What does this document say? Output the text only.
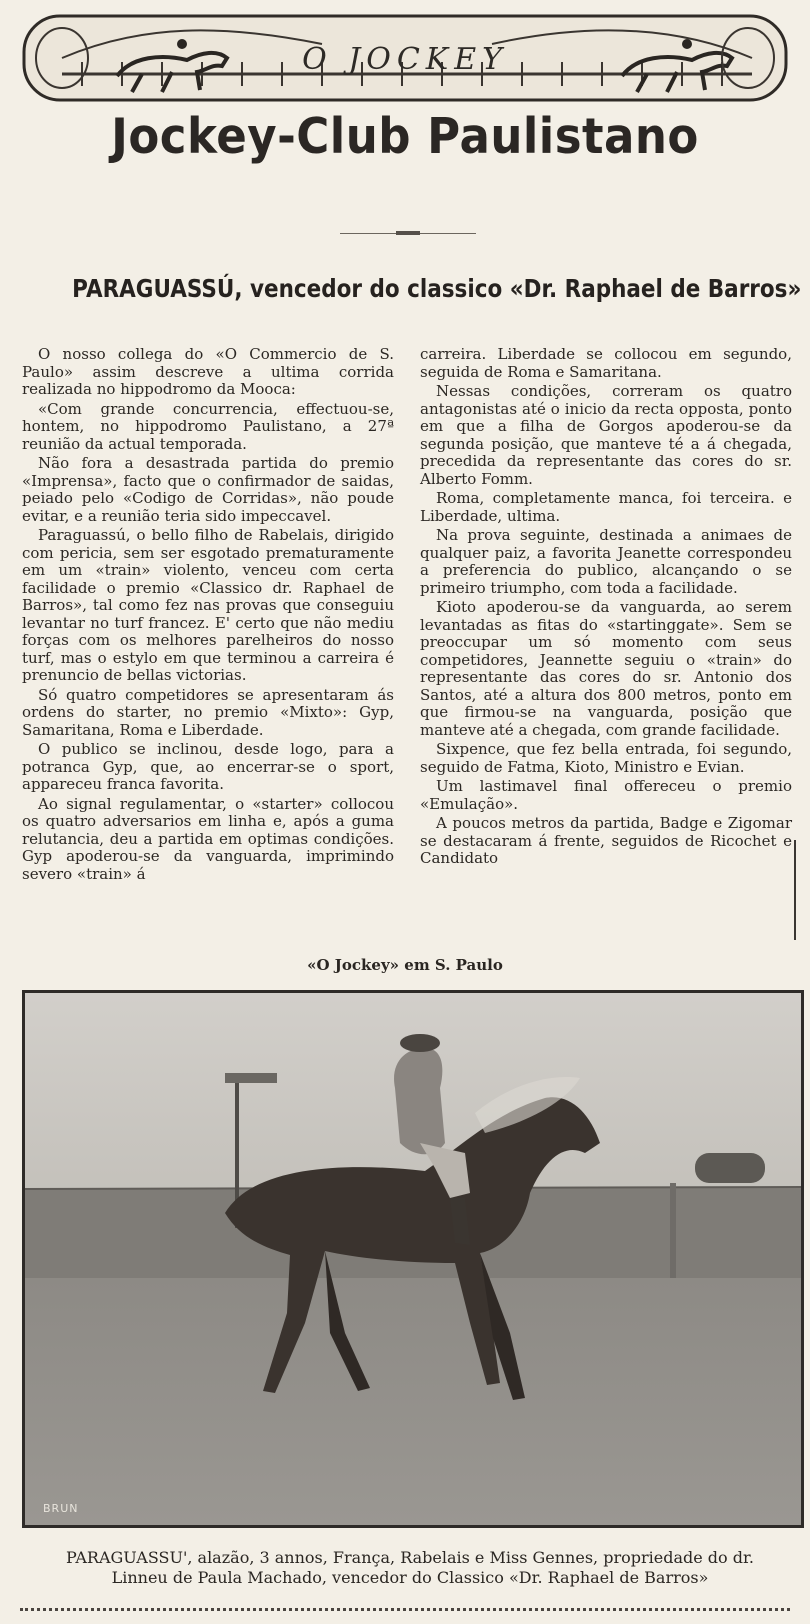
O JOCKEY
Jockey-Club Paulistano
PARAGUASSÚ, vencedor do classico «Dr. Raphael de Barros»

O nosso collega do «O Commercio de S. Paulo» assim descreve a ultima corrida realizada no hippodromo da Mooca:

«Com grande concurrencia, effectuou-se, hontem, no hippodromo Paulistano, a 27ª reunião da actual temporada.

Não fora a desastrada partida do premio «Imprensa», facto que o confirmador de saidas, peiado pelo «Codigo de Corridas», não poude evitar, e a reunião teria sido impeccavel.

Paraguassú, o bello filho de Rabelais, dirigido com pericia, sem ser esgotado prematuramente em um «train» violento, venceu com certa facilidade o premio «Classico dr. Raphael de Barros», tal como fez nas provas que conseguiu levantar no turf francez. E' certo que não mediu forças com os melhores parelheiros do nosso turf, mas o estylo em que terminou a carreira é prenuncio de bellas victorias.

Só quatro competidores se apresentaram ás ordens do starter, no premio «Mixto»: Gyp, Samaritana, Roma e Liberdade.

O publico se inclinou, desde logo, para a potranca Gyp, que, ao encerrar-se o sport, appareceu franca favorita.

Ao signal regulamentar, o «starter» collocou os quatro adversarios em linha e, após a guma relutancia, deu a partida em optimas condições. Gyp apoderou-se da vanguarda, imprimindo severo «train» á

carreira. Liberdade se collocou em segundo, seguida de Roma e Samaritana.

Nessas condições, correram os quatro antagonistas até o inicio da recta opposta, ponto em que a filha de Gorgos apoderou-se da segunda posição, que manteve té a á chegada, precedida da representante das cores do sr. Alberto Fomm.

Roma, completamente manca, foi terceira. e Liberdade, ultima.

Na prova seguinte, destinada a animaes de qualquer paiz, a favorita Jeanette correspondeu a preferencia do publico, alcançando o se primeiro triumpho, com toda a facilidade.

Kioto apoderou-se da vanguarda, ao serem levantadas as fitas do «startinggate». Sem se preoccupar um só momento com seus competidores, Jeannette seguiu o «train» do representante das cores do sr. Antonio dos Santos, até a altura dos 800 metros, ponto em que firmou-se na vanguarda, posição que manteve até a chegada, com grande facilidade.

Sixpence, que fez bella entrada, foi segundo, seguido de Fatma, Kioto, Ministro e Evian.

Um lastimavel final offereceu o premio «Emulação».

A poucos metros da partida, Badge e Zigomar se destacaram á frente, seguidos de Ricochet e Candidato

«O Jockey» em S. Paulo
BRUN
PARAGUASSU', alazão, 3 annos, França, Rabelais e Miss Gennes, propriedade do dr.
Linneu de Paula Machado, vencedor do Classico «Dr. Raphael de Barros»
